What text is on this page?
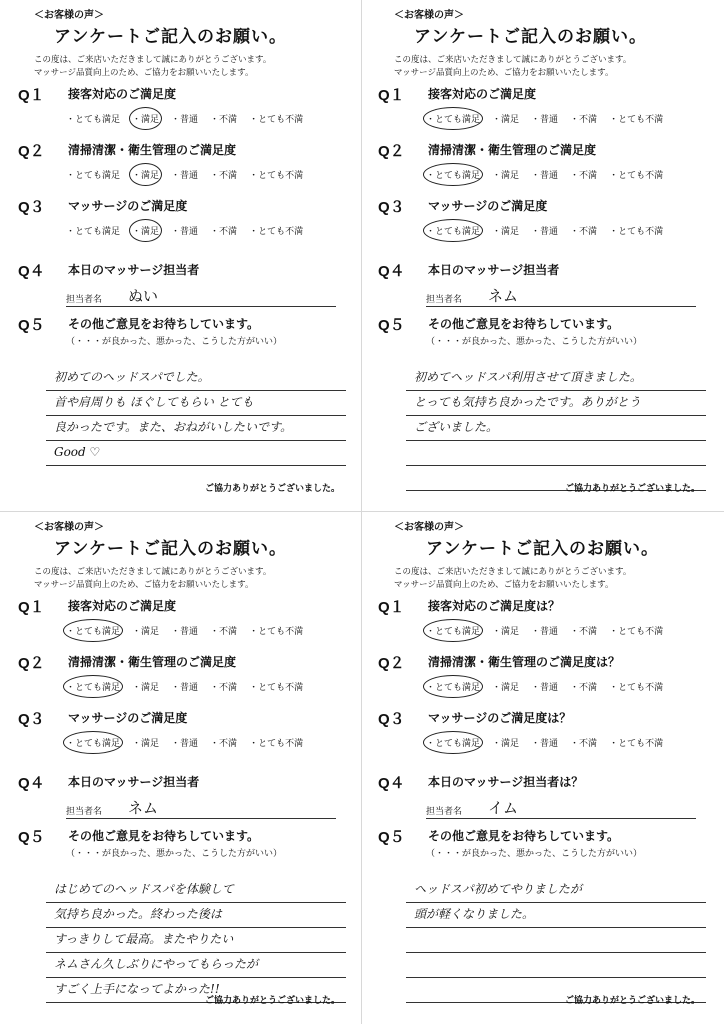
＜お客様の声＞
アンケートご記入のお願い。
この度は、ご来店いただきまして誠にありがとうございます。
マッサージ品質向上のため、ご協力をお願いいたします。
Q１ 接客対応のご満足度
・とても満足 ・満足 ・普通 ・不満 ・とても不満
Q２ 清掃清潔・衛生管理のご満足度
・とても満足 ・満足 ・普通 ・不満 ・とても不満
Q３ マッサージのご満足度
・とても満足 ・満足 ・普通 ・不満 ・とても不満
Q４ 本日のマッサージ担当者
担当者名 ぬい
Q５ その他ご意見をお待ちしています。
（・・・が良かった、悪かった、こうした方がいい）
初めてのヘッドスパでした。
首や肩周りも ほぐしてもらい とても
良かったです。また、おねがいしたいです。
Good ♡
ご協力ありがとうございました。
＜お客様の声＞
アンケートご記入のお願い。
この度は、ご来店いただきまして誠にありがとうございます。
マッサージ品質向上のため、ご協力をお願いいたします。
Q１ 接客対応のご満足度
・とても満足 ・満足 ・普通 ・不満 ・とても不満
Q２ 清掃清潔・衛生管理のご満足度
・とても満足 ・満足 ・普通 ・不満 ・とても不満
Q３ マッサージのご満足度
・とても満足 ・満足 ・普通 ・不満 ・とても不満
Q４ 本日のマッサージ担当者
担当者名 ネム
Q５ その他ご意見をお待ちしています。
（・・・が良かった、悪かった、こうした方がいい）
初めてヘッドスパ利用させて頂きました。
とっても気持ち良かったです。ありがとう
ございました。
ご協力ありがとうございました。
＜お客様の声＞
アンケートご記入のお願い。
この度は、ご来店いただきまして誠にありがとうございます。
マッサージ品質向上のため、ご協力をお願いいたします。
Q１ 接客対応のご満足度
・とても満足 ・満足 ・普通 ・不満 ・とても不満
Q２ 清掃清潔・衛生管理のご満足度
・とても満足 ・満足 ・普通 ・不満 ・とても不満
Q３ マッサージのご満足度
・とても満足 ・満足 ・普通 ・不満 ・とても不満
Q４ 本日のマッサージ担当者
担当者名 ネム
Q５ その他ご意見をお待ちしています。
（・・・が良かった、悪かった、こうした方がいい）
はじめてのヘッドスパを体験して
気持ち良かった。終わった後は
すっきりして最高。またやりたい
ネムさん久しぶりにやってもらったが
すごく上手になってよかった!!
ご協力ありがとうございました。
＜お客様の声＞
アンケートご記入のお願い。
この度は、ご来店いただきまして誠にありがとうございます。
マッサージ品質向上のため、ご協力をお願いいたします。
Q１ 接客対応のご満足度は？
・とても満足 ・満足 ・普通 ・不満 ・とても不満
Q２ 清掃清潔・衛生管理のご満足度は？
・とても満足 ・満足 ・普通 ・不満 ・とても不満
Q３ マッサージのご満足度は？
・とても満足 ・満足 ・普通 ・不満 ・とても不満
Q４ 本日のマッサージ担当者は？
担当者名 イム
Q５ その他ご意見をお待ちしています。
（・・・が良かった、悪かった、こうした方がいい）
ヘッドスパ初めてやりましたが
頭が軽くなりました。
ご協力ありがとうございました。
